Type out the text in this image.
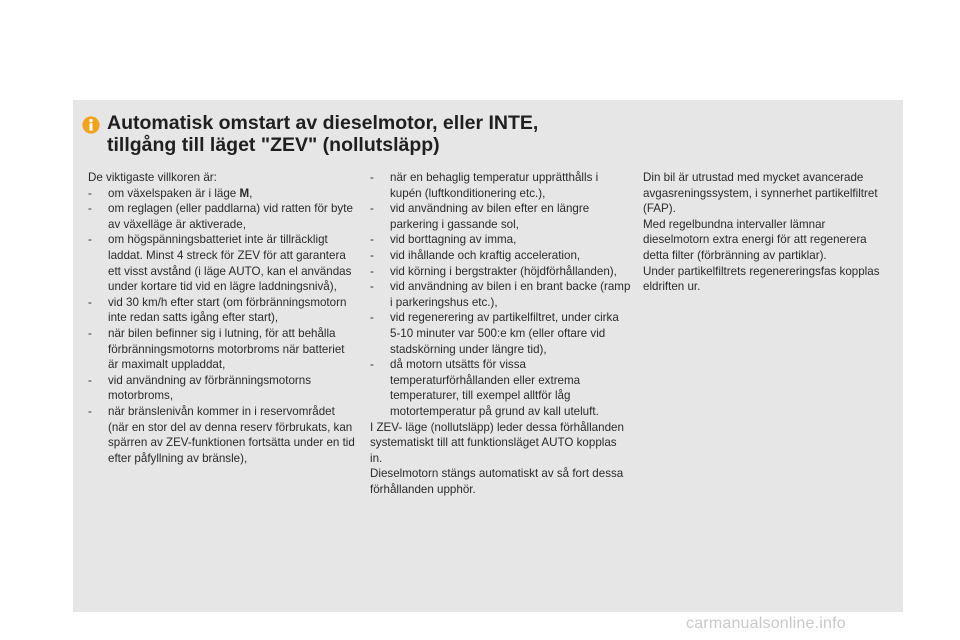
Automatisk omstart av dieselmotor, eller INTE,
tillgång till läget "ZEV" (nollutsläpp)

De viktigaste villkoren är:

- om växelspaken är i läge M,
- om reglagen (eller paddlarna) vid ratten för byte av växelläge är aktiverade,
- om högspänningsbatteriet inte är tillräckligt laddat. Minst 4 streck för ZEV för att garantera ett visst avstånd (i läge AUTO, kan el användas under kortare tid vid en lägre laddningsnivå),
- vid 30 km/h efter start (om förbränningsmotorn inte redan satts igång efter start),
- när bilen befinner sig i lutning, för att behålla förbränningsmotorns motorbroms när batteriet är maximalt uppladdat,
- vid användning av förbränningsmotorns motorbroms,
- när bränslenivån kommer in i reservområdet (när en stor del av denna reserv förbrukats, kan spärren av ZEV-funktionen fortsätta under en tid efter påfyllning av bränsle),
- när en behaglig temperatur upprätthålls i kupén (luftkonditionering etc.),
- vid användning av bilen efter en längre parkering i gassande sol,
- vid borttagning av imma,
- vid ihållande och kraftig acceleration,
- vid körning i bergstrakter (höjdförhållanden),
- vid användning av bilen i en brant backe (ramp i parkeringshus etc.),
- vid regenerering av partikelfiltret, under cirka 5-10 minuter var 500:e km (eller oftare vid stadskörning under längre tid),
- då motorn utsätts för vissa temperaturförhållanden eller extrema temperaturer, till exempel alltför låg motortemperatur på grund av kall uteluft.

I ZEV- läge (nollutsläpp) leder dessa förhållanden systematiskt till att funktionsläget AUTO kopplas in.

Dieselmotorn stängs automatiskt av så fort dessa förhållanden upphör.

Din bil är utrustad med mycket avancerade avgasreningssystem, i synnerhet partikelfiltret (FAP).

Med regelbundna intervaller lämnar dieselmotorn extra energi för att regenerera detta filter (förbränning av partiklar).

Under partikelfiltrets regenereringsfas kopplas eldriften ur.

carmanualsonline.info
